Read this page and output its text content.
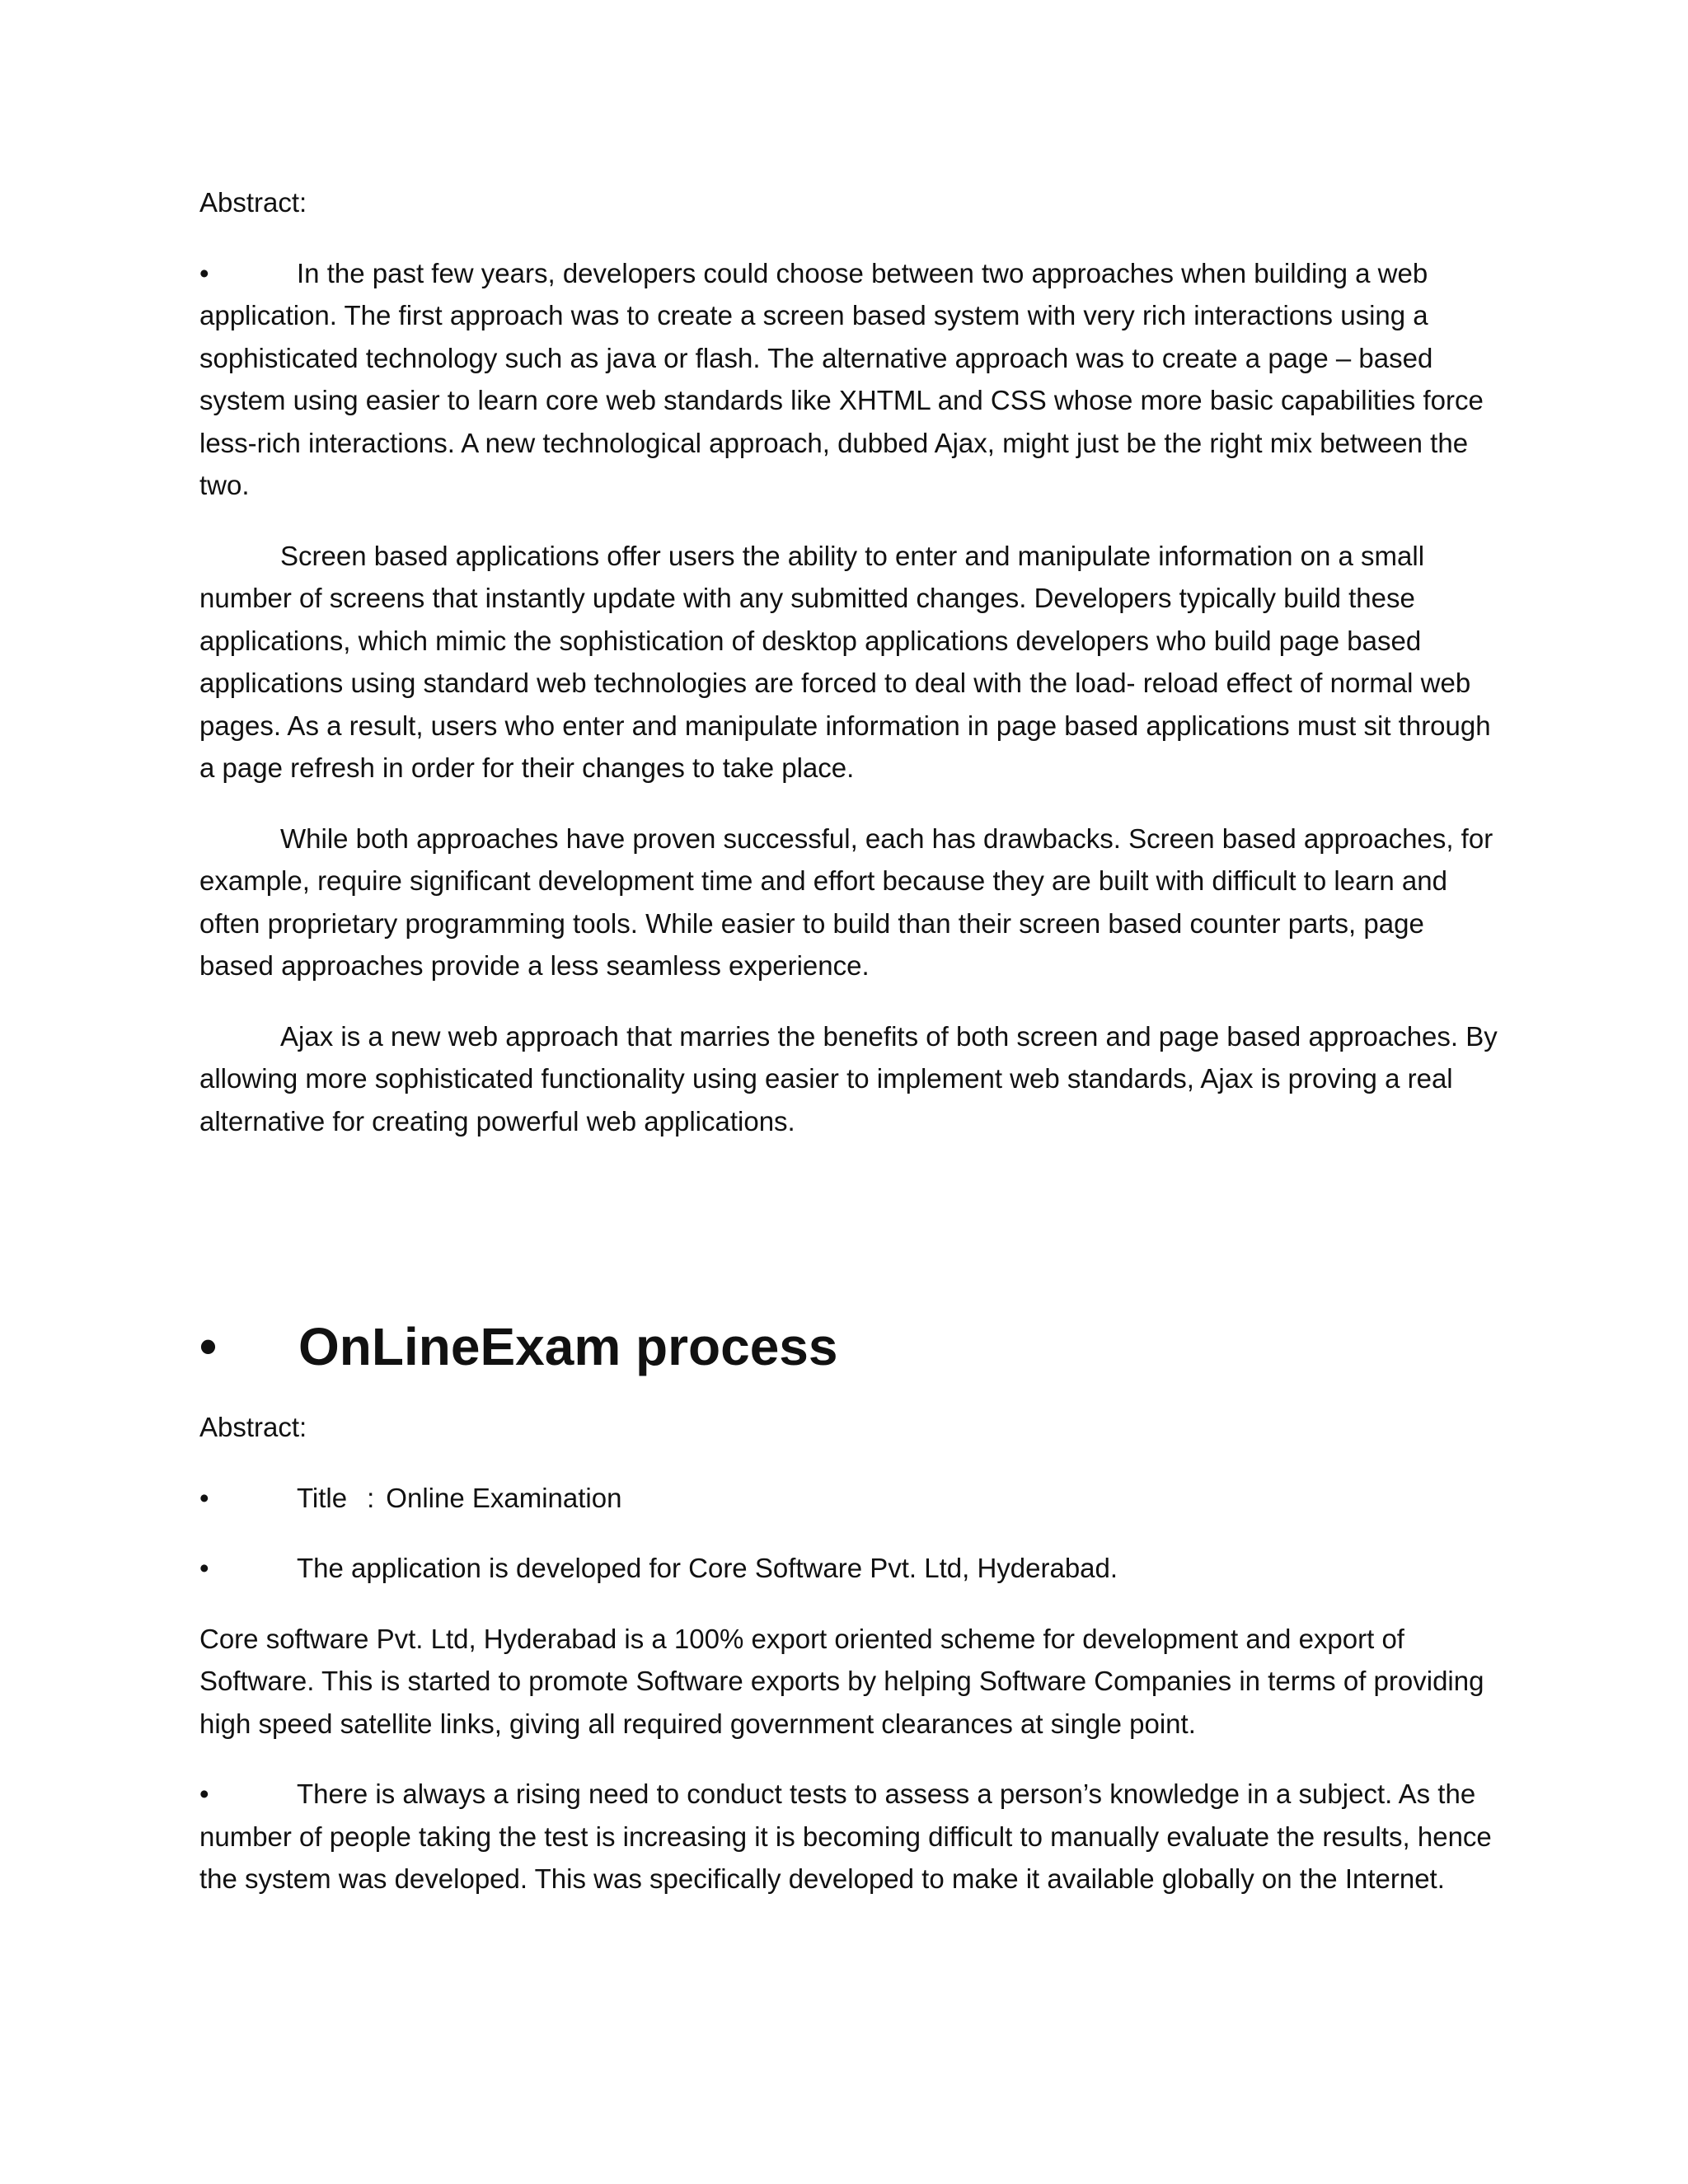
Abstract:

•	In the past few years, developers could choose between two approaches when building a web application. The first approach was to create a screen based system with very rich interactions using a sophisticated technology such as java or flash. The alternative approach was to create a page – based system using easier to learn core web standards like XHTML and CSS whose more basic capabilities force less-rich interactions. A new technological approach, dubbed Ajax, might just be the right mix between the two.

Screen based applications offer users the ability to enter and manipulate information on a small number of screens that instantly update with any submitted changes. Developers typically build these applications, which mimic the sophistication of desktop applications developers who build page based applications using standard web technologies are forced to deal with the load- reload effect of normal web pages. As a result, users who enter and manipulate information in page based applications must sit through a page refresh in order for their changes to take place.

While both approaches have proven successful, each has drawbacks. Screen based approaches, for example, require significant development time and effort because they are built with difficult to learn and often proprietary programming tools. While easier to build than their screen based counter parts, page based approaches provide a less seamless experience.

Ajax is a new web approach that marries the benefits of both screen and page based approaches. By allowing more sophisticated functionality using easier to implement web standards, Ajax is proving a real alternative for creating powerful web applications.

•	OnLineExam process

Abstract:

•	Title : Online Examination

•	The application is developed for Core Software Pvt. Ltd, Hyderabad.

Core software Pvt. Ltd, Hyderabad is a 100% export oriented scheme for development and export of Software. This is started to promote Software exports by helping Software Companies in terms of providing high speed satellite links, giving all required government clearances at single point.

•	There is always a rising need to conduct tests to assess a person’s knowledge in a subject. As the number of people taking the test is increasing it is becoming difficult to manually evaluate the results, hence the system was developed. This was specifically developed to make it available globally on the Internet.
